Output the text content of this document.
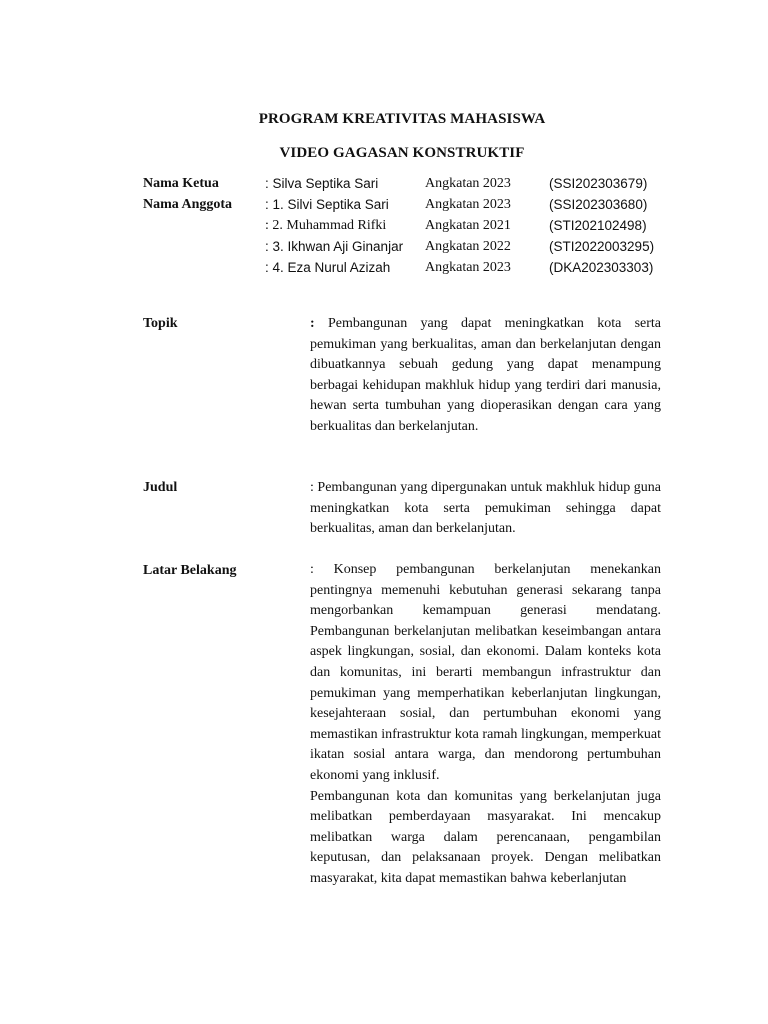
PROGRAM KREATIVITAS MAHASISWA
VIDEO GAGASAN KONSTRUKTIF
Nama Ketua	: Silva Septika Sari	Angkatan 2023	(SSI202303679)
Nama Anggota : 1. Silvi Septika Sari	Angkatan 2023	(SSI202303680)
: 2. Muhammad Rifki	Angkatan 2021	(STI202102498)
: 3. Ikhwan Aji Ginanjar Angkatan 2022	(STI2022003295)
: 4. Eza Nurul Azizah Angkatan 2023	(DKA202303303)
Topik	: Pembangunan yang dapat meningkatkan kota serta pemukiman yang berkualitas, aman dan berkelanjutan dengan dibuatkannya sebuah gedung yang dapat menampung berbagai kehidupan makhluk hidup yang terdiri dari manusia, hewan serta tumbuhan yang dioperasikan dengan cara yang berkualitas dan berkelanjutan.

Judul	: Pembangunan yang dipergunakan untuk makhluk hidup guna meningkatkan kota serta pemukiman sehingga dapat berkualitas, aman dan berkelanjutan.

Latar Belakang	: Konsep pembangunan berkelanjutan menekankan pentingnya memenuhi kebutuhan generasi sekarang tanpa mengorbankan kemampuan generasi mendatang. Pembangunan berkelanjutan melibatkan keseimbangan antara aspek lingkungan, sosial, dan ekonomi. Dalam konteks kota dan komunitas, ini berarti membangun infrastruktur dan pemukiman yang memperhatikan keberlanjutan lingkungan, kesejahteraan sosial, dan pertumbuhan ekonomi yang memastikan infrastruktur kota ramah lingkungan, memperkuat ikatan sosial antara warga, dan mendorong pertumbuhan ekonomi yang inklusif.

Pembangunan kota dan komunitas yang berkelanjutan juga melibatkan pemberdayaan masyarakat. Ini mencakup melibatkan warga dalam perencanaan, pengambilan keputusan, dan pelaksanaan proyek. Dengan melibatkan masyarakat, kita dapat memastikan bahwa keberlanjutan
